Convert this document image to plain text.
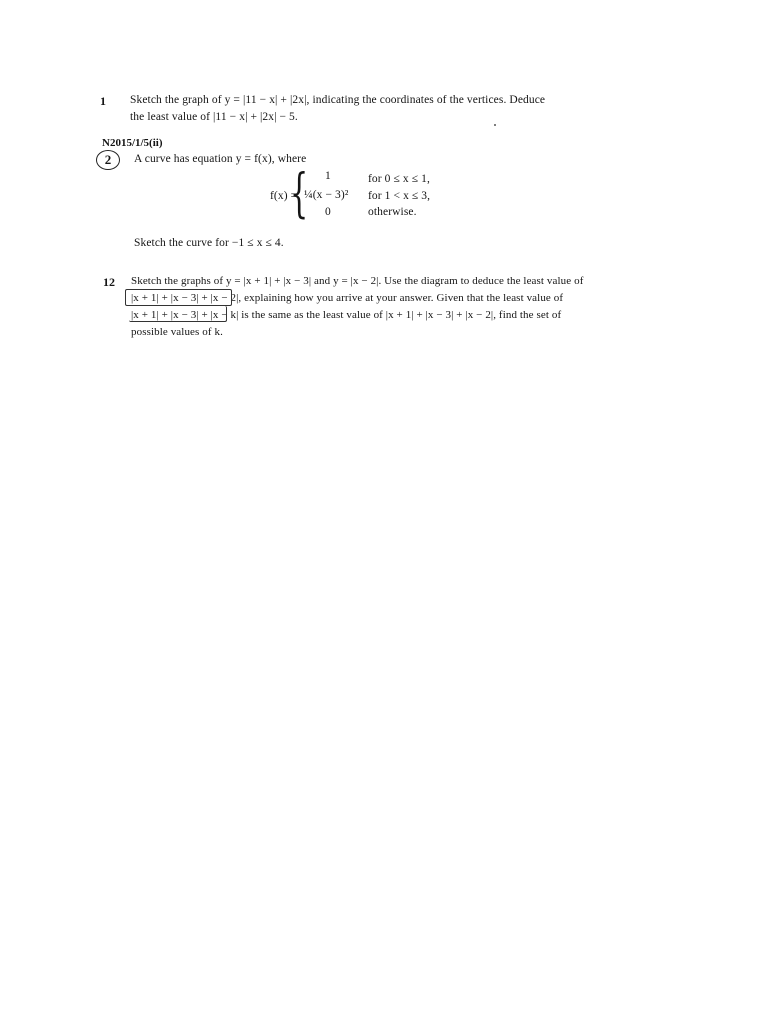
1 Sketch the graph of y = |11 − x| + |2x|, indicating the coordinates of the vertices. Deduce
the least value of |11 − x| + |2x| − 5.
N2015/1/5(ii)
2	A curve has equation y = f(x), where
f(x) =
{ 1	for 0 ≤ x ≤ 1,
¼(x − 3)² for 1 < x ≤ 3,
0	otherwise.
Sketch the curve for −1 ≤ x ≤ 4.
12 Sketch the graphs of y = |x + 1| + |x − 3| and y = |x − 2|. Use the diagram to deduce the least value of
|x + 1| + |x − 3| + |x − 2|, explaining how you arrive at your answer. Given that the least value of
|x + 1| + |x − 3| + |x − k| is the same as the least value of |x + 1| + |x − 3| + |x − 2|, find the set of
possible values of k.
